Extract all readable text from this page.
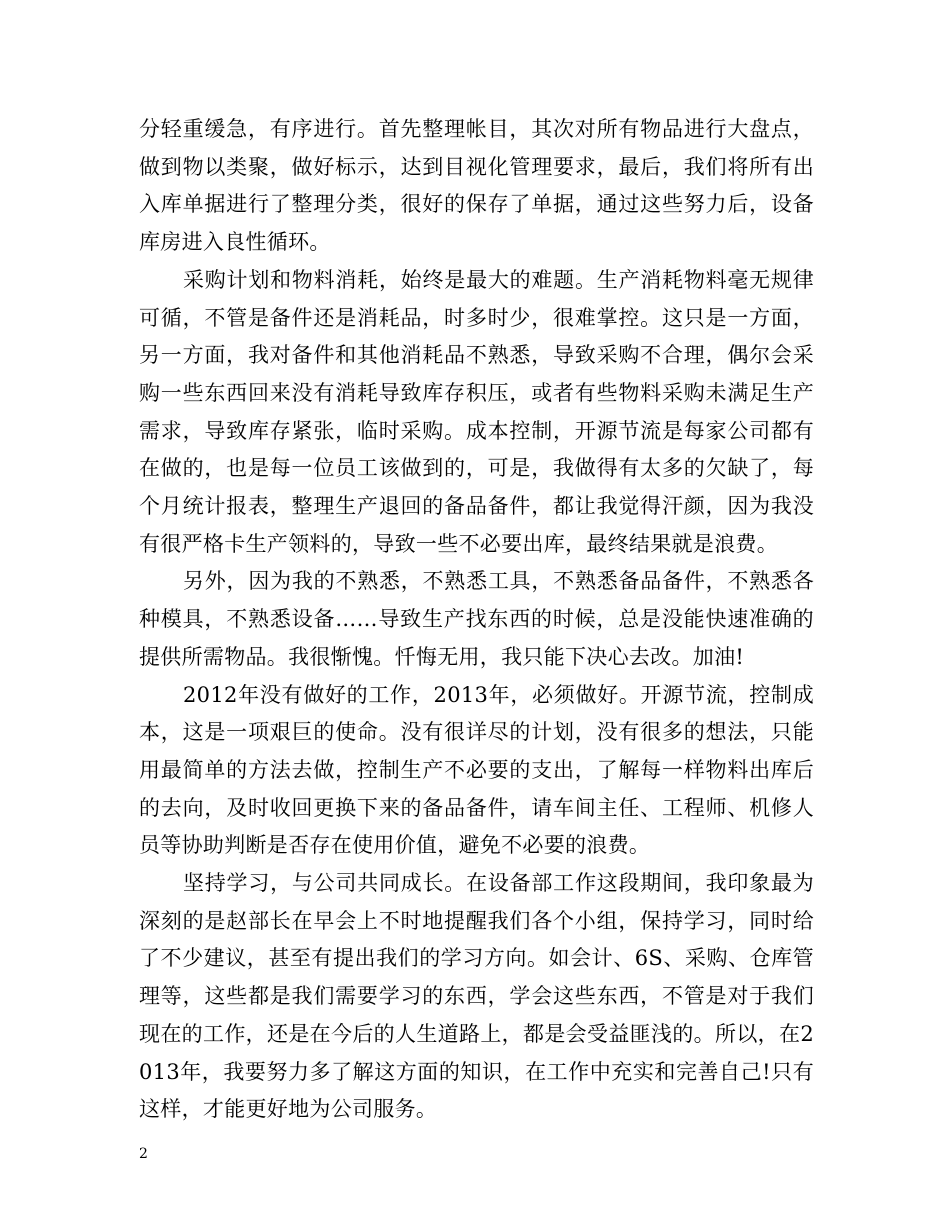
分轻重缓急，有序进行。首先整理帐目，其次对所有物品进行大盘点，做到物以类聚，做好标示，达到目视化管理要求，最后，我们将所有出入库单据进行了整理分类，很好的保存了单据，通过这些努力后，设备库房进入良性循环。

采购计划和物料消耗，始终是最大的难题。生产消耗物料毫无规律可循，不管是备件还是消耗品，时多时少，很难掌控。这只是一方面，另一方面，我对备件和其他消耗品不熟悉，导致采购不合理，偶尔会采购一些东西回来没有消耗导致库存积压，或者有些物料采购未满足生产需求，导致库存紧张，临时采购。成本控制，开源节流是每家公司都有在做的，也是每一位员工该做到的，可是，我做得有太多的欠缺了，每个月统计报表，整理生产退回的备品备件，都让我觉得汗颜，因为我没有很严格卡生产领料的，导致一些不必要出库，最终结果就是浪费。

另外，因为我的不熟悉，不熟悉工具，不熟悉备品备件，不熟悉各种模具，不熟悉设备……导致生产找东西的时候，总是没能快速准确的提供所需物品。我很惭愧。忏悔无用，我只能下决心去改。加油!

2012年没有做好的工作，2013年，必须做好。开源节流，控制成本，这是一项艰巨的使命。没有很详尽的计划，没有很多的想法，只能用最简单的方法去做，控制生产不必要的支出，了解每一样物料出库后的去向，及时收回更换下来的备品备件，请车间主任、工程师、机修人员等协助判断是否存在使用价值，避免不必要的浪费。

坚持学习，与公司共同成长。在设备部工作这段期间，我印象最为深刻的是赵部长在早会上不时地提醒我们各个小组，保持学习，同时给了不少建议，甚至有提出我们的学习方向。如会计、6S、采购、仓库管理等，这些都是我们需要学习的东西，学会这些东西，不管是对于我们现在的工作，还是在今后的人生道路上，都是会受益匪浅的。所以，在2013年，我要努力多了解这方面的知识，在工作中充实和完善自己!只有这样，才能更好地为公司服务。

2
